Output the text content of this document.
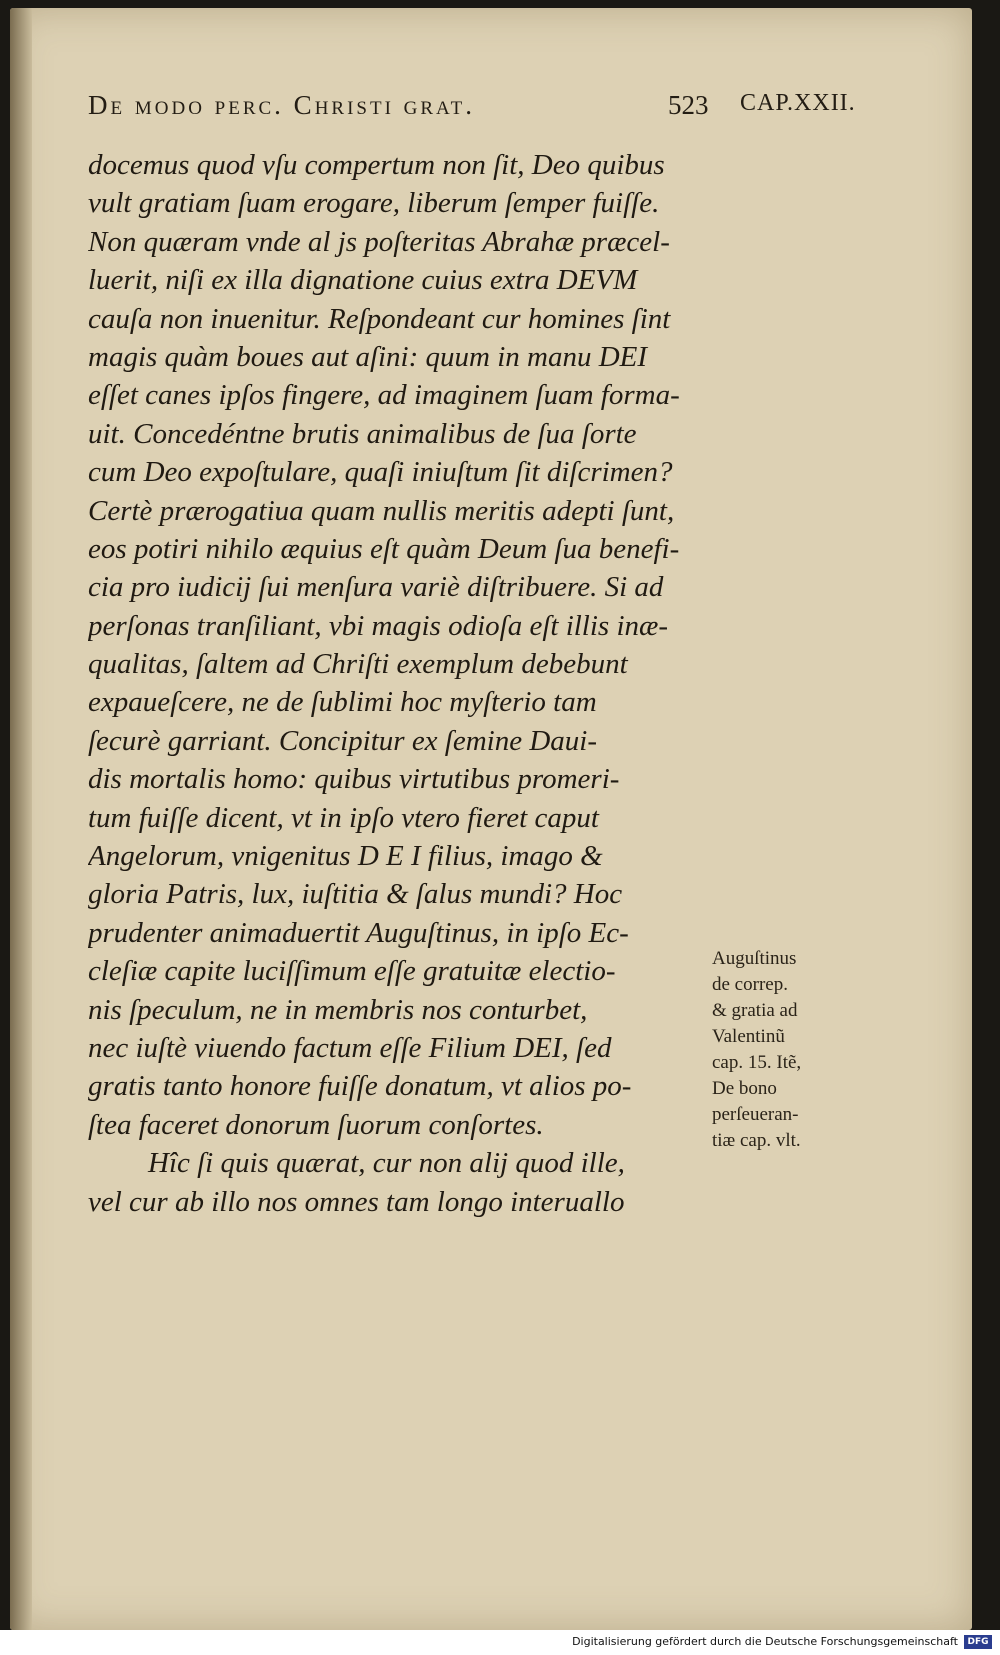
De modo perc. Christi grat.	523 CAP.XXII.
docemus quod vſu compertum non ſit, Deo quibus
vult gratiam ſuam erogare, liberum ſemper fuiſſe.
Non quæram vnde al js poſteritas Abrahæ præcel-
luerit, niſi ex illa dignatione cuius extra DEVM
cauſa non inuenitur. Reſpondeant cur homines ſint
magis quàm boues aut aſini: quum in manu DEI
eſſet canes ipſos fingere, ad imaginem ſuam forma-
uit. Concedéntne brutis animalibus de ſua ſorte
cum Deo expoſtulare, quaſi iniuſtum ſit diſcrimen?
Certè prærogatiua quam nullis meritis adepti ſunt,
eos potiri nihilo æquius eſt quàm Deum ſua benefi-
cia pro iudicij ſui menſura variè diſtribuere. Si ad
perſonas tranſiliant, vbi magis odioſa eſt illis inæ-
qualitas, ſaltem ad Chriſti exemplum debebunt
expaueſcere, ne de ſublimi hoc myſterio tam
ſecurè garriant. Concipitur ex ſemine Daui-
dis mortalis homo: quibus virtutibus promeri-
tum fuiſſe dicent, vt in ipſo vtero fieret caput
Angelorum, vnigenitus D E I filius, imago &
gloria Patris, lux, iuſtitia & ſalus mundi? Hoc
prudenter animaduertit Auguſtinus, in ipſo Ec-
cleſiæ capite luciſſimum eſſe gratuitæ electio-
nis ſpeculum, ne in membris nos conturbet,
nec iuſtè viuendo factum eſſe Filium DEI, ſed
gratis tanto honore fuiſſe donatum, vt alios po-
ſtea faceret donorum ſuorum conſortes.
Hîc ſi quis quærat, cur non alij quod ille,
vel cur ab illo nos omnes tam longo interuallo
Auguſtinus
de correp.
& gratia ad
Valentinũ
cap. 15. Itẽ,
De bono
perſeueran-
tiæ cap. vlt.
Digitalisierung gefördert durch die Deutsche Forschungsgemeinschaft	DFG
